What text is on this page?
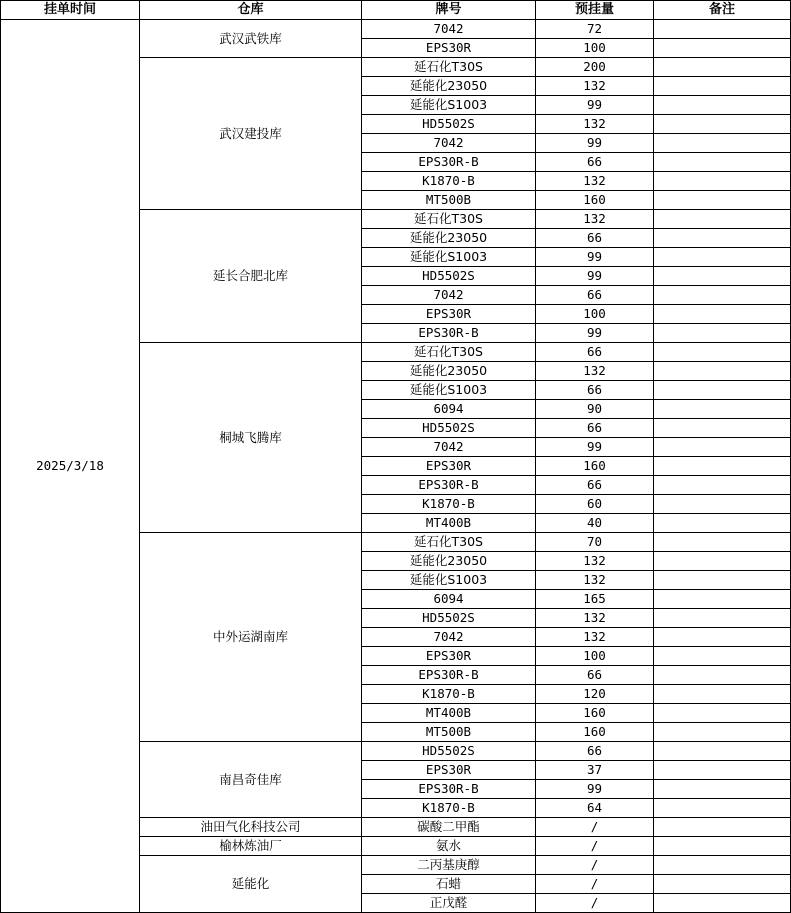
挂单时间	仓库	牌号	预挂量	备注
2025/3/18	武汉武铁库	7042	72	
		EPS30R	100	
	武汉建投库	延石化T30S	200	
		延能化23050	132	
		延能化S1003	99	
		HD5502S	132	
		7042	99	
		EPS30R-B	66	
		K1870-B	132	
		MT500B	160	
	延长合肥北库	延石化T30S	132	
		延能化23050	66	
		延能化S1003	99	
		HD5502S	99	
		7042	66	
		EPS30R	100	
		EPS30R-B	99	
	桐城飞腾库	延石化T30S	66	
		延能化23050	132	
		延能化S1003	66	
		6094	90	
		HD5502S	66	
		7042	99	
		EPS30R	160	
		EPS30R-B	66	
		K1870-B	60	
		MT400B	40	
	中外运湖南库	延石化T30S	70	
		延能化23050	132	
		延能化S1003	132	
		6094	165	
		HD5502S	132	
		7042	132	
		EPS30R	100	
		EPS30R-B	66	
		K1870-B	120	
		MT400B	160	
		MT500B	160	
	南昌奇佳库	HD5502S	66	
		EPS30R	37	
		EPS30R-B	99	
		K1870-B	64	
	油田气化科技公司	碳酸二甲酯	/	
	榆林炼油厂	氨水	/	
	延能化	二丙基庚醇	/	
		石蜡	/	
		正戊醛	/	
